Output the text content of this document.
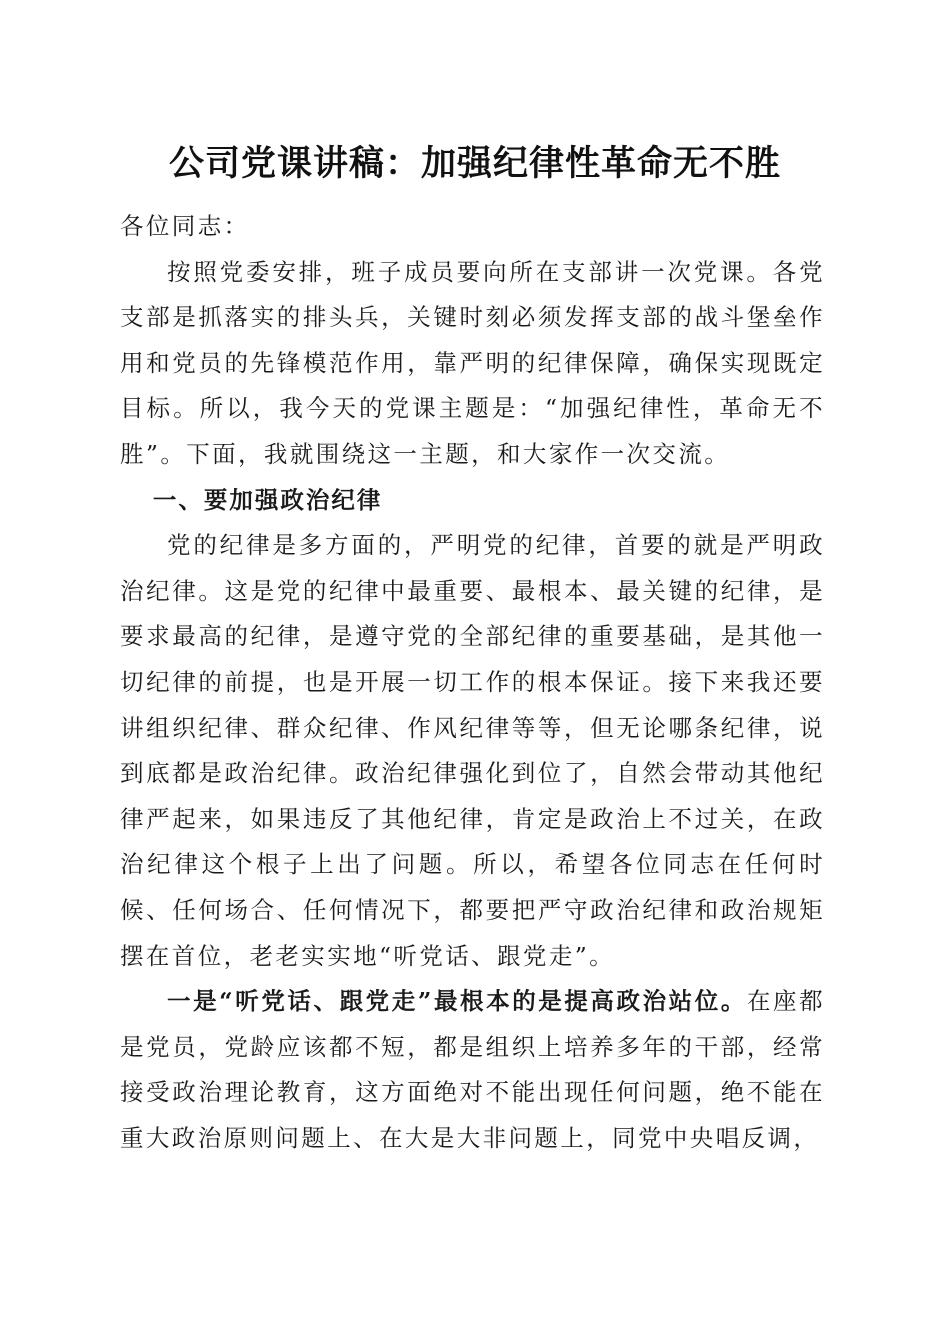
公司党课讲稿：加强纪律性革命无不胜

各位同志：

按照党委安排，班子成员要向所在支部讲一次党课。各党支部是抓落实的排头兵，关键时刻必须发挥支部的战斗堡垒作用和党员的先锋模范作用，靠严明的纪律保障，确保实现既定目标。所以，我今天的党课主题是：“加强纪律性，革命无不胜”。下面，我就围绕这一主题，和大家作一次交流。

一、要加强政治纪律

党的纪律是多方面的，严明党的纪律，首要的就是严明政治纪律。这是党的纪律中最重要、最根本、最关键的纪律，是要求最高的纪律，是遵守党的全部纪律的重要基础，是其他一切纪律的前提，也是开展一切工作的根本保证。接下来我还要讲组织纪律、群众纪律、作风纪律等等，但无论哪条纪律，说到底都是政治纪律。政治纪律强化到位了，自然会带动其他纪律严起来，如果违反了其他纪律，肯定是政治上不过关，在政治纪律这个根子上出了问题。所以，希望各位同志在任何时候、任何场合、任何情况下，都要把严守政治纪律和政治规矩摆在首位，老老实实地“听党话、跟党走”。

一是“听党话、跟党走”最根本的是提高政治站位。在座都是党员，党龄应该都不短，都是组织上培养多年的干部，经常接受政治理论教育，这方面绝对不能出现任何问题，绝不能在重大政治原则问题上、在大是大非问题上，同党中央唱反调，
